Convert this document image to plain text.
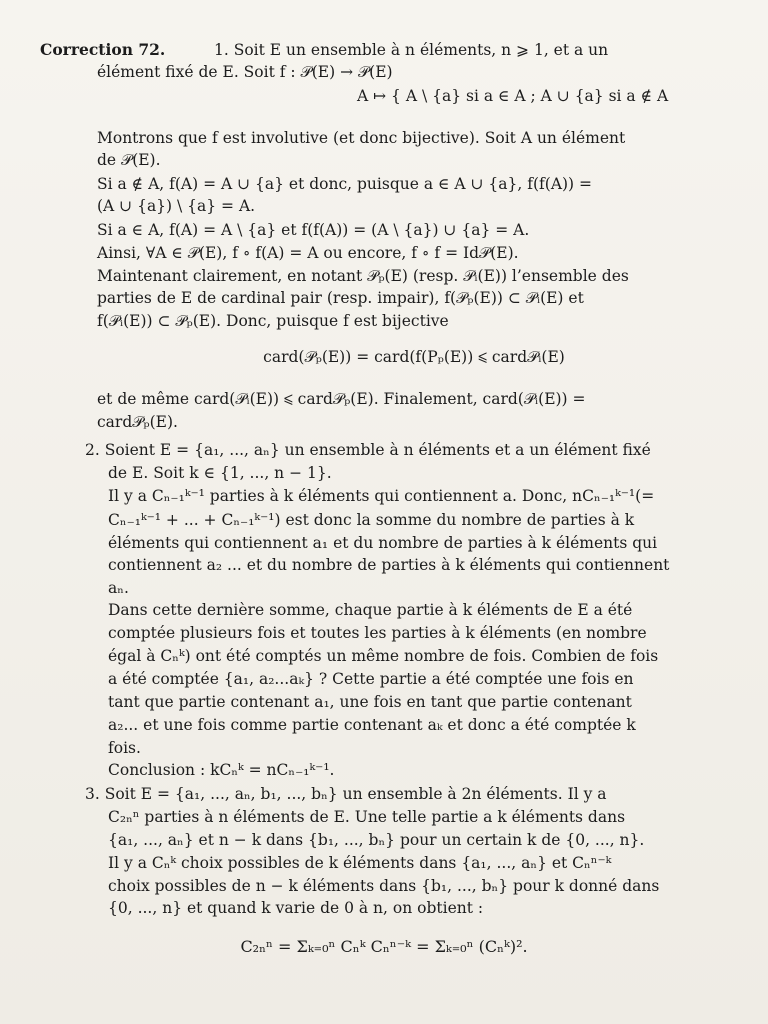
Correction 72.	1. Soit E un ensemble à n éléments, n ⩾ 1, et a un
élément fixé de E. Soit f : 𝒫(E) → 𝒫(E)
A ↦ { A \ {a} si a ∈ A ; A ∪ {a} si a ∉ A
Montrons que f est involutive (et donc bijective). Soit A un élément
de 𝒫(E).
Si a ∉ A, f(A) = A ∪ {a} et donc, puisque a ∈ A ∪ {a}, f(f(A)) =
(A ∪ {a}) \ {a} = A.
Si a ∈ A, f(A) = A \ {a} et f(f(A)) = (A \ {a}) ∪ {a} = A.
Ainsi, ∀A ∈ 𝒫(E), f ∘ f(A) = A ou encore, f ∘ f = Id𝒫(E).
Maintenant clairement, en notant 𝒫ₚ(E) (resp. 𝒫ᵢ(E)) l’ensemble des
parties de E de cardinal pair (resp. impair), f(𝒫ₚ(E)) ⊂ 𝒫ᵢ(E) et
f(𝒫ᵢ(E)) ⊂ 𝒫ₚ(E). Donc, puisque f est bijective
card(𝒫ₚ(E)) = card(f(Pₚ(E)) ⩽ card𝒫ᵢ(E)
et de même card(𝒫ᵢ(E)) ⩽ card𝒫ₚ(E). Finalement, card(𝒫ᵢ(E)) =
card𝒫ₚ(E).
2. Soient E = {a₁, ..., aₙ} un ensemble à n éléments et a un élément fixé
de E. Soit k ∈ {1, ..., n − 1}.
Il y a Cₙ₋₁ᵏ⁻¹ parties à k éléments qui contiennent a. Donc, nCₙ₋₁ᵏ⁻¹(=
Cₙ₋₁ᵏ⁻¹ + ... + Cₙ₋₁ᵏ⁻¹) est donc la somme du nombre de parties à k
éléments qui contiennent a₁ et du nombre de parties à k éléments qui
contiennent a₂ ... et du nombre de parties à k éléments qui contiennent
aₙ.
Dans cette dernière somme, chaque partie à k éléments de E a été
comptée plusieurs fois et toutes les parties à k éléments (en nombre
égal à Cₙᵏ) ont été comptés un même nombre de fois. Combien de fois
a été comptée {a₁, a₂...aₖ} ? Cette partie a été comptée une fois en
tant que partie contenant a₁, une fois en tant que partie contenant
a₂... et une fois comme partie contenant aₖ et donc a été comptée k
fois.
Conclusion : kCₙᵏ = nCₙ₋₁ᵏ⁻¹.
3. Soit E = {a₁, ..., aₙ, b₁, ..., bₙ} un ensemble à 2n éléments. Il y a
C₂ₙⁿ parties à n éléments de E. Une telle partie a k éléments dans
{a₁, ..., aₙ} et n − k dans {b₁, ..., bₙ} pour un certain k de {0, ..., n}.
Il y a Cₙᵏ choix possibles de k éléments dans {a₁, ..., aₙ} et Cₙⁿ⁻ᵏ
choix possibles de n − k éléments dans {b₁, ..., bₙ} pour k donné dans
{0, ..., n} et quand k varie de 0 à n, on obtient :
C₂ₙⁿ = Σₖ₌₀ⁿ Cₙᵏ Cₙⁿ⁻ᵏ = Σₖ₌₀ⁿ (Cₙᵏ)².
